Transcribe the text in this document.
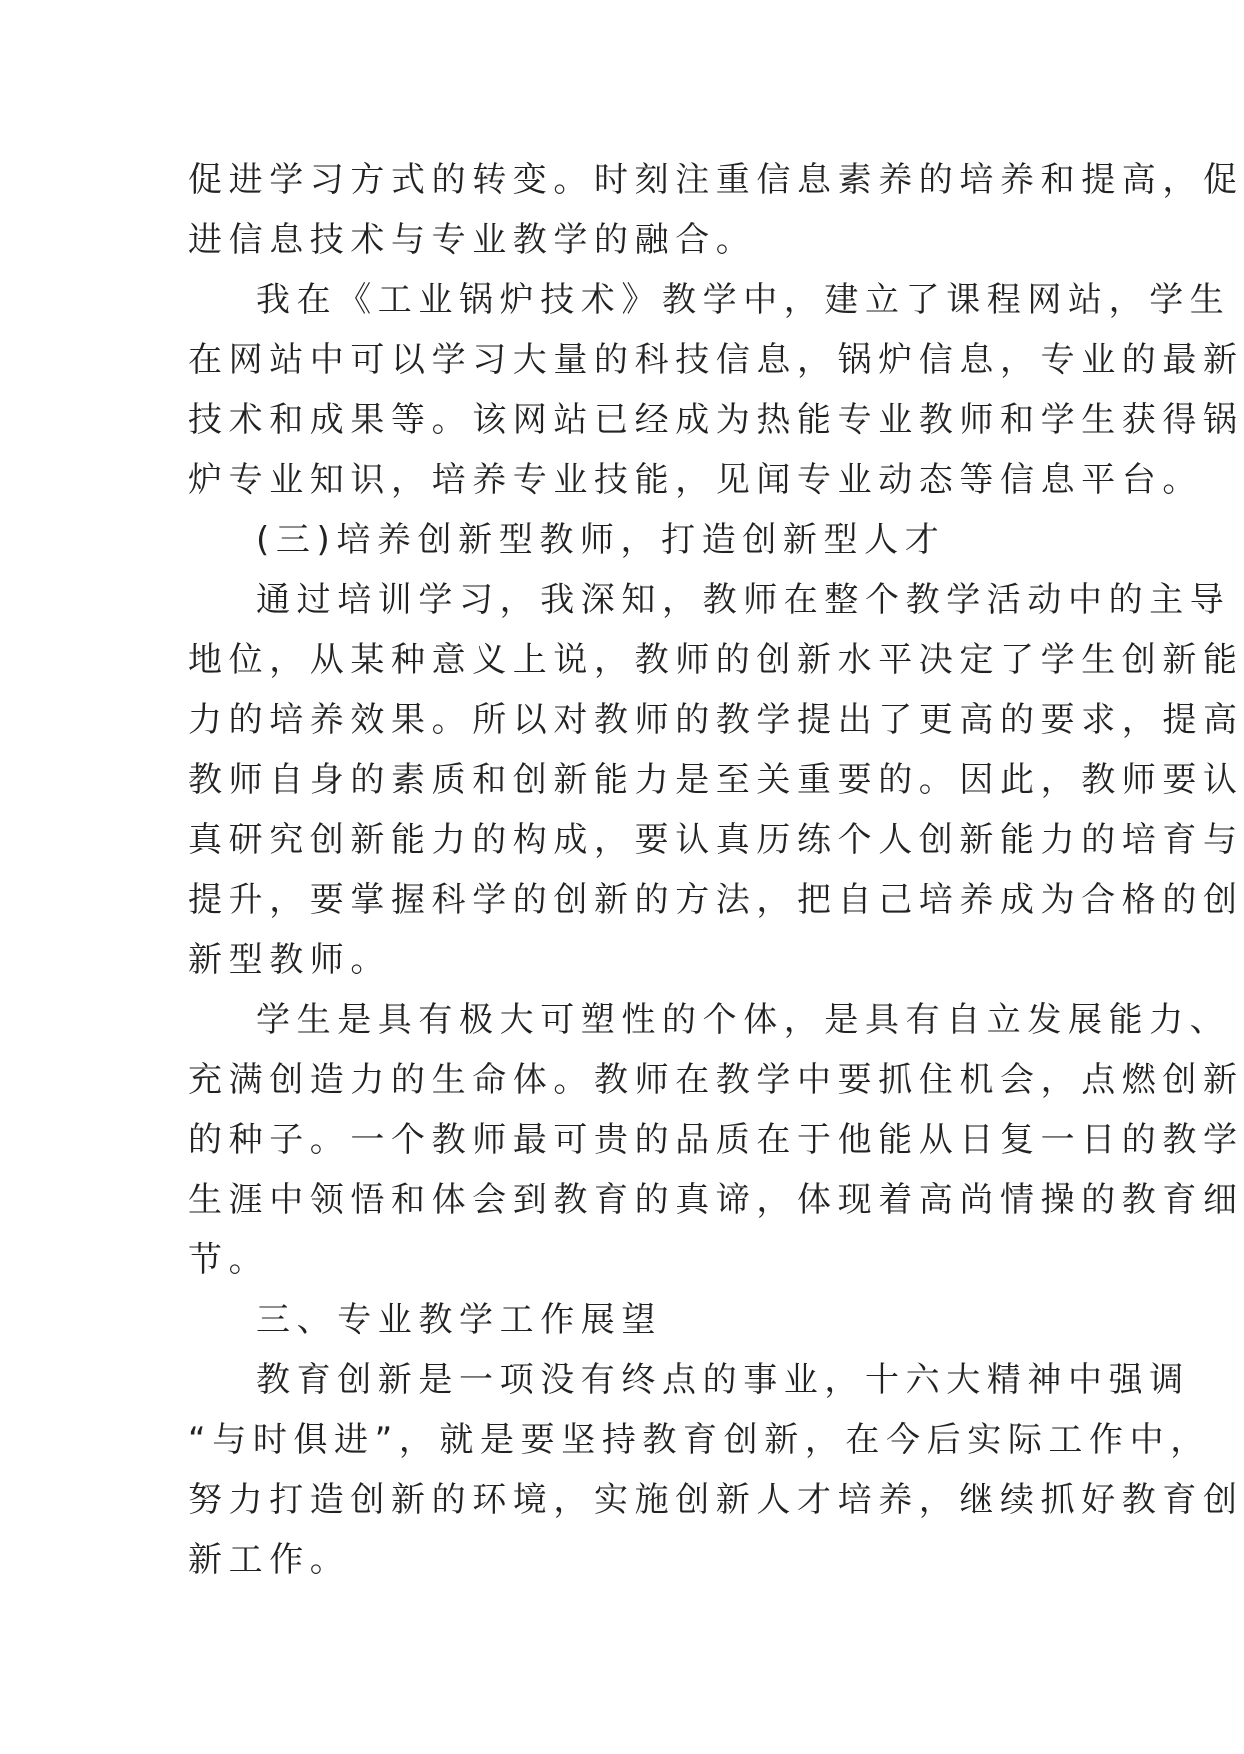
促进学习方式的转变。时刻注重信息素养的培养和提高，促
进信息技术与专业教学的融合。
我在《工业锅炉技术》教学中，建立了课程网站，学生
在网站中可以学习大量的科技信息，锅炉信息，专业的最新
技术和成果等。该网站已经成为热能专业教师和学生获得锅
炉专业知识，培养专业技能，见闻专业动态等信息平台。
(三)培养创新型教师，打造创新型人才
通过培训学习，我深知，教师在整个教学活动中的主导
地位，从某种意义上说，教师的创新水平决定了学生创新能
力的培养效果。所以对教师的教学提出了更高的要求，提高
教师自身的素质和创新能力是至关重要的。因此，教师要认
真研究创新能力的构成，要认真历练个人创新能力的培育与
提升，要掌握科学的创新的方法，把自己培养成为合格的创
新型教师。
学生是具有极大可塑性的个体，是具有自立发展能力、
充满创造力的生命体。教师在教学中要抓住机会，点燃创新
的种子。一个教师最可贵的品质在于他能从日复一日的教学
生涯中领悟和体会到教育的真谛，体现着高尚情操的教育细
节。
三、专业教学工作展望
教育创新是一项没有终点的事业，十六大精神中强调
“与时俱进”，就是要坚持教育创新，在今后实际工作中，
努力打造创新的环境，实施创新人才培养，继续抓好教育创
新工作。
